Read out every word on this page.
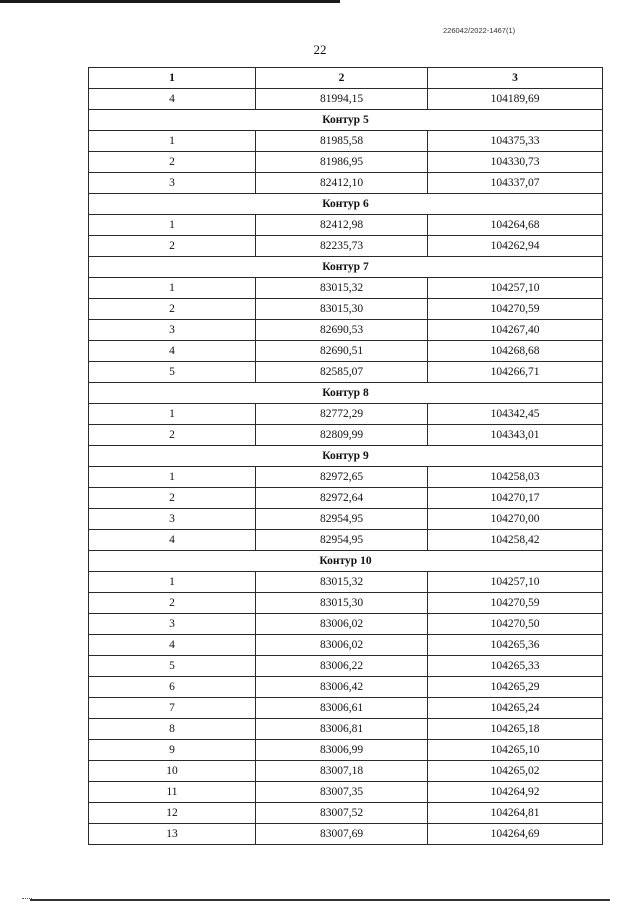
226042/2022-1467(1)
22
1	2	3
4	81994,15	104189,69
Контур 5		
1	81985,58	104375,33
2	81986,95	104330,73
3	82412,10	104337,07
Контур 6		
1	82412,98	104264,68
2	82235,73	104262,94
Контур 7		
1	83015,32	104257,10
2	83015,30	104270,59
3	82690,53	104267,40
4	82690,51	104268,68
5	82585,07	104266,71
Контур 8		
1	82772,29	104342,45
2	82809,99	104343,01
Контур 9		
1	82972,65	104258,03
2	82972,64	104270,17
3	82954,95	104270,00
4	82954,95	104258,42
Контур 10		
1	83015,32	104257,10
2	83015,30	104270,59
3	83006,02	104270,50
4	83006,02	104265,36
5	83006,22	104265,33
6	83006,42	104265,29
7	83006,61	104265,24
8	83006,81	104265,18
9	83006,99	104265,10
10	83007,18	104265,02
11	83007,35	104264,92
12	83007,52	104264,81
13	83007,69	104264,69
